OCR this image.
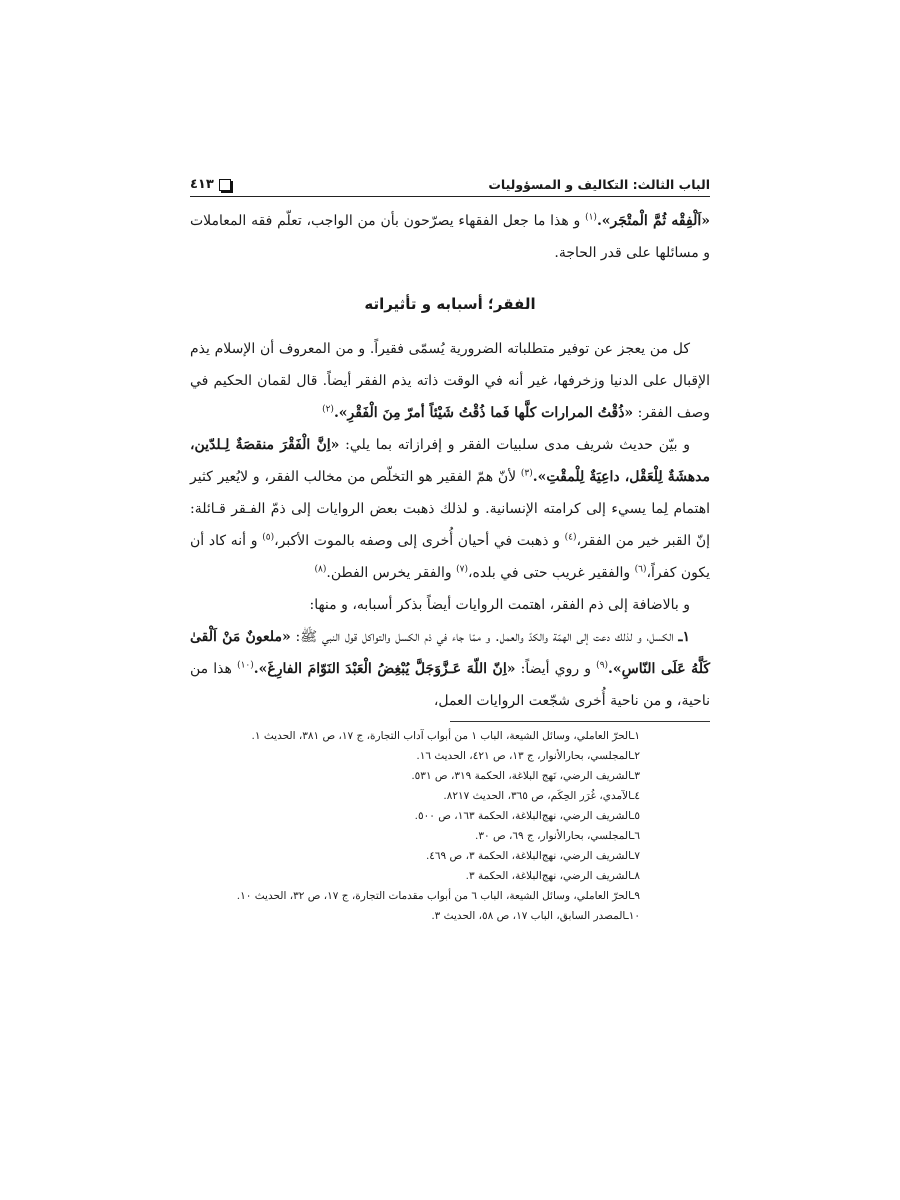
الباب الثالث: التكاليف و المسؤوليات
٤١٣

«اَلْفِقْه ثُمَّ الْمتْجَر».$^{(١)}$ و هذا ما جعل الفقهاء يصرّحون بأن من الواجب، تعلّم فقه المعاملات و مسائلها على قدر الحاجة.

الفقر؛ أسبابه و تأثيراته

كل من يعجز عن توفير متطلباته الضرورية يُسمّى فقيراً. و من المعروف أن الإسلام يذم الإقبال على الدنيا وزخرفها، غير أنه في الوقت ذاته يذم الفقر أيضاً. قال لقمان الحكيم في وصف الفقر: «ذُقْتُ المرارات كلَّها فَما ذُقْتُ شَيْئاً أمرّ مِنَ الْفَقْرِ».$^{(٢)}$

و بيّن حديث شريف مدى سلبيات الفقر و إفرازاته بما يلي: «اِنَّ الْفَقْرَ منقصَةٌ لِـلدّين، مدهشَةٌ لِلْعَقْل، داعِيَةٌ لِلْمقْتِ».$^{(٣)}$ لأنّ همّ الفقير هو التخلّص من مخالب الفقر، و لايُعير كثير اهتمام لِما يسيء إلى كرامته الإنسانية. و لذلك ذهبت بعض الروايات إلى ذمّ الفـقر قـائلة: إنّ القبر خير من الفقر،$^{(٤)}$ و ذهبت في أحيان أُخرى إلى وصفه بالموت الأكبر،$^{(٥)}$ و أنه كاد أن يكون كفراً،$^{(٦)}$ والفقير غريب حتى في بلده،$^{(٧)}$ والفقر يخرس الفطن.$^{(٨)}$

و بالاضافة إلى ذم الفقر، اهتمت الروايات أيضاً بذكر أسبابه، و منها:

١ـ الكسل، و لذلك دعت إلى الهمّة والكدّ والعمل. و ممّا جاء في ذم الكسل والتواكل قول النبي ﷺ: «ملعونٌ مَنْ اَلْقىٰ كَلَّهُ عَلَى النّاسِ».$^{(٩)}$ و روي أيضاً: «اِنّ اللّهَ عَـزَّوَجَلَّ يُبْغِضُ الْعَبْدَ النَوّامَ الفارِغَ».$^{(١٠)}$ هذا من ناحية، و من ناحية أُخرى شجّعت الروايات العمل،

١ـالحرّ العاملي، وسائل الشيعة، الباب ١ من أبواب آداب التجارة، ج ١٧، ص ٣٨١، الحديث ١.
٢ـالمجلسي، بحارالأنوار، ج ١٣، ص ٤٢١، الحديث ١٦.
٣ـالشريف الرضي، نَهج البلاغة، الحكمة ٣١٩، ص ٥٣١.
٤ـالآمدي، غُرَر الحِكَم، ص ٣٦٥، الحديث ٨٢١٧.
٥ـالشريف الرضي، نهج‌البلاغة، الحكمة ١٦٣، ص ٥٠٠.
٦ـالمجلسي، بحارالأنوار، ج ٦٩، ص ٣٠.
٧ـالشريف الرضي، نهج‌البلاغة، الحكمة ٣، ص ٤٦٩.
٨ـالشريف الرضي، نهج‌البلاغة، الحكمة ٣.
٩ـالحرّ العاملي، وسائل الشيعة، الباب ٦ من أبواب مقدمات التجارة، ج ١٧، ص ٣٢، الحديث ١٠.
١٠ـالمصدر السابق، الباب ١٧، ص ٥٨، الحديث ٣.
